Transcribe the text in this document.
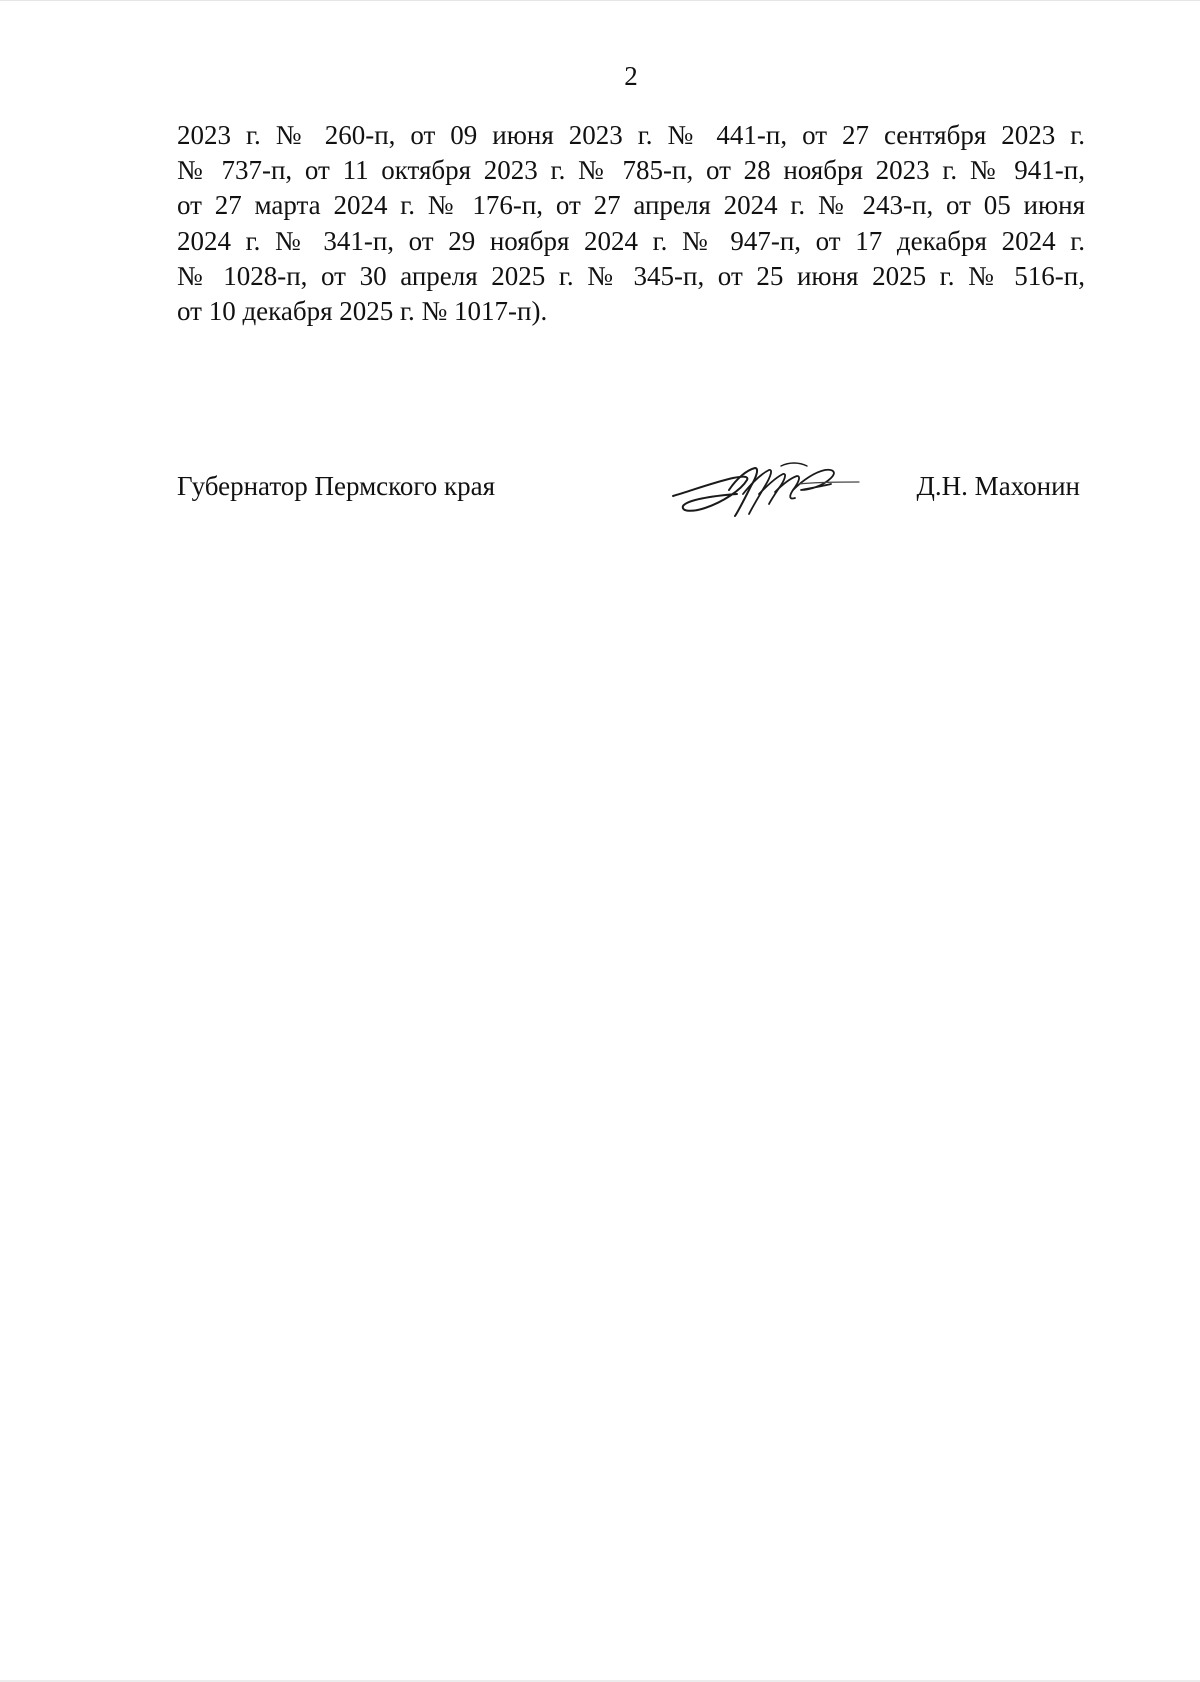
2
2023 г. № 260-п, от 09 июня 2023 г. № 441-п, от 27 сентября 2023 г.
№ 737-п, от 11 октября 2023 г. № 785-п, от 28 ноября 2023 г. № 941-п,
от 27 марта 2024 г. № 176-п, от 27 апреля 2024 г. № 243-п, от 05 июня
2024 г. № 341-п, от 29 ноября 2024 г. № 947-п, от 17 декабря 2024 г.
№ 1028-п, от 30 апреля 2025 г. № 345-п, от 25 июня 2025 г. № 516-п,
от 10 декабря 2025 г. № 1017-п).
Губернатор Пермского края	Д.Н. Махонин
